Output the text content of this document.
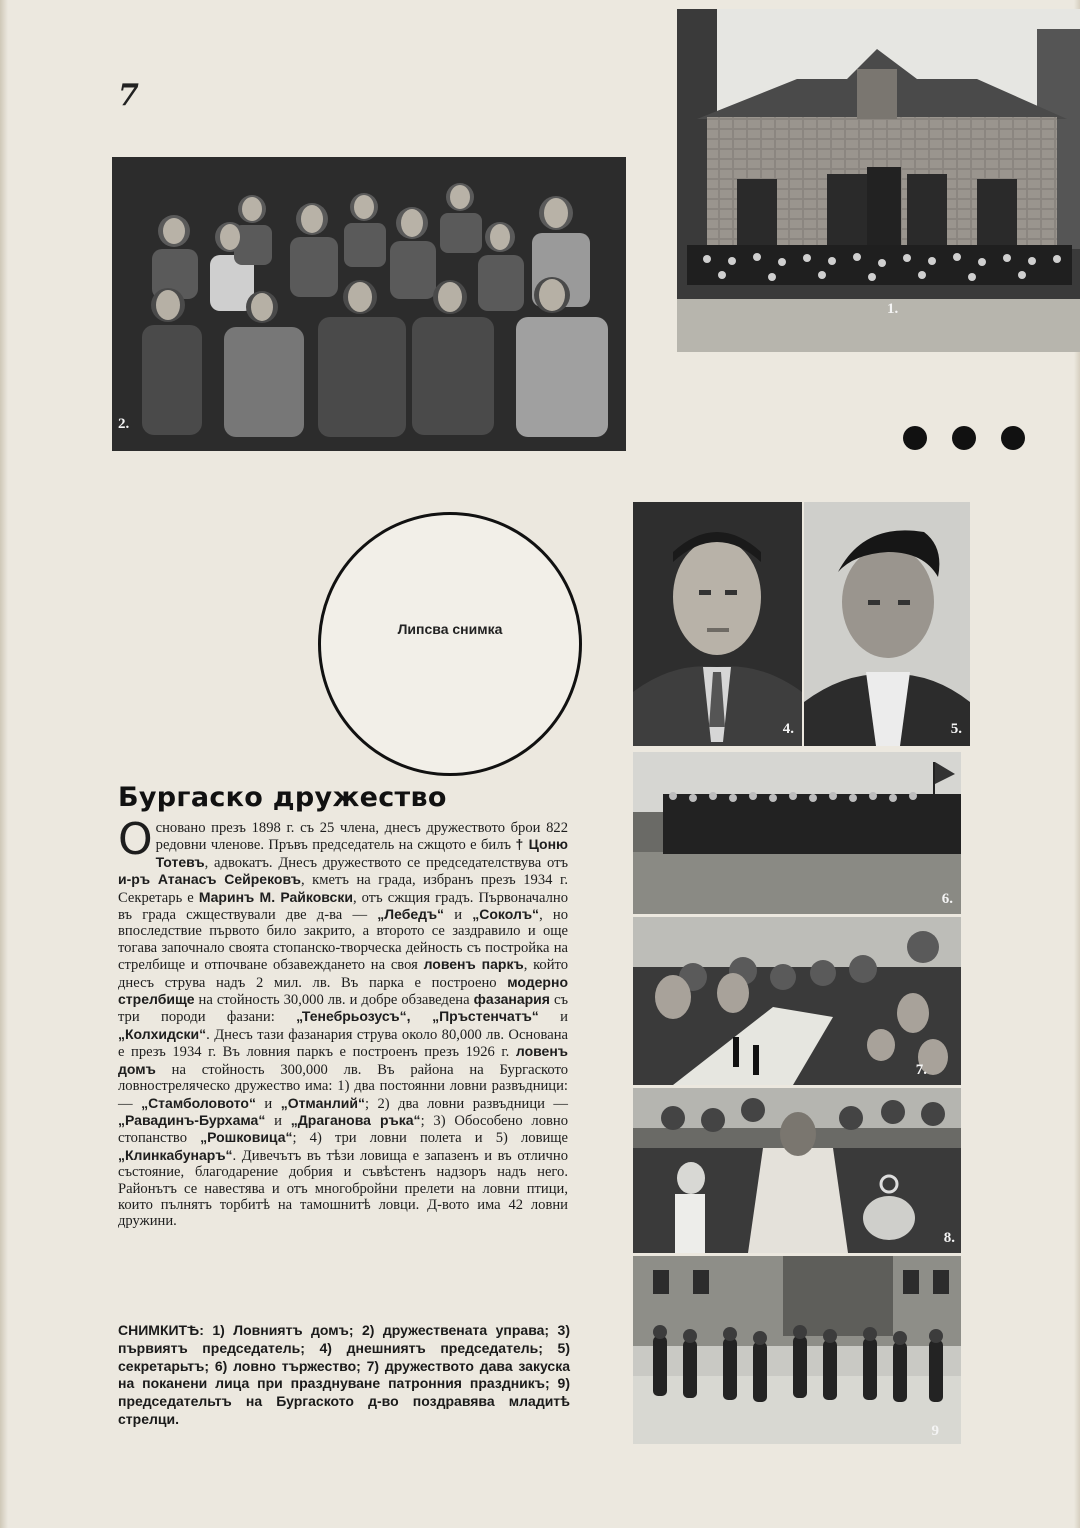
7
2.
1.
Липсва снимка
4.	5.
6.
7.
8.
9
Бургаско дружество
О сновано презъ 1898 г. съ 25 члена, днесъ дружеството брои 822 редовни членове. Пръвъ председатель на сжщото е билъ † Цоню Тотевъ, адвокатъ. Днесъ дружеството се председателствува отъ и-ръ Атанасъ Сейрековъ, кметъ на града, избранъ презъ 1934 г. Секретарь е Маринъ М. Райковски, отъ сжщия градъ. Първоначално въ града сжществували две д-ва — „Лебедъ“ и „Соколъ“, но впоследствие първото било закрито, а второто се заздравило и още тогава започнало своята стопанско-творческа дейность съ постройка на стрелбище и отпочване обзавеждането на своя ловенъ паркъ, който днесъ струва надъ 2 мил. лв. Въ парка е построено модерно стрелбище на стойность 30,000 лв. и добре обзаведена фазанария съ три породи фазани: „Тенебрьозусъ“, „Пръстенчатъ“ и „Колхидски“. Днесъ тази фазанария струва около 80,000 лв. Основана е презъ 1934 г. Въ ловния паркъ е построенъ презъ 1926 г. ловенъ домъ на стойность 300,000 лв. Въ района на Бургаското ловностреляческо дружество има: 1) два постоянни ловни развъдници: — „Стамболовото“ и „Отманлий“; 2) два ловни развъдници — „Равадинъ-Бурхама“ и „Драганова ръка“; 3) Обособено ловно стопанство „Рошковица“; 4) три ловни полета и 5) ловище „Клинкабунаръ“. Дивечътъ въ тѣзи ловища е запазенъ и въ отлично състояние, благодарение добрия и съвѣстенъ надзоръ надъ него. Районътъ се навестява и отъ многобройни прелети на ловни птици, които пълнятъ торбитѣ на тамошнитѣ ловци. Д-вото има 42 ловни дружини.
СНИМКИТѢ: 1) Ловниятъ домъ; 2) дружествената управа; 3) първиятъ председатель; 4) днешниятъ председатель; 5) секретарьтъ; 6) ловно тържество; 7) дружеството дава закуска на поканени лица при празднуване патронния праздникъ; 9) председательтъ на Бургаското д-во поздравява младитѣ стрелци.
